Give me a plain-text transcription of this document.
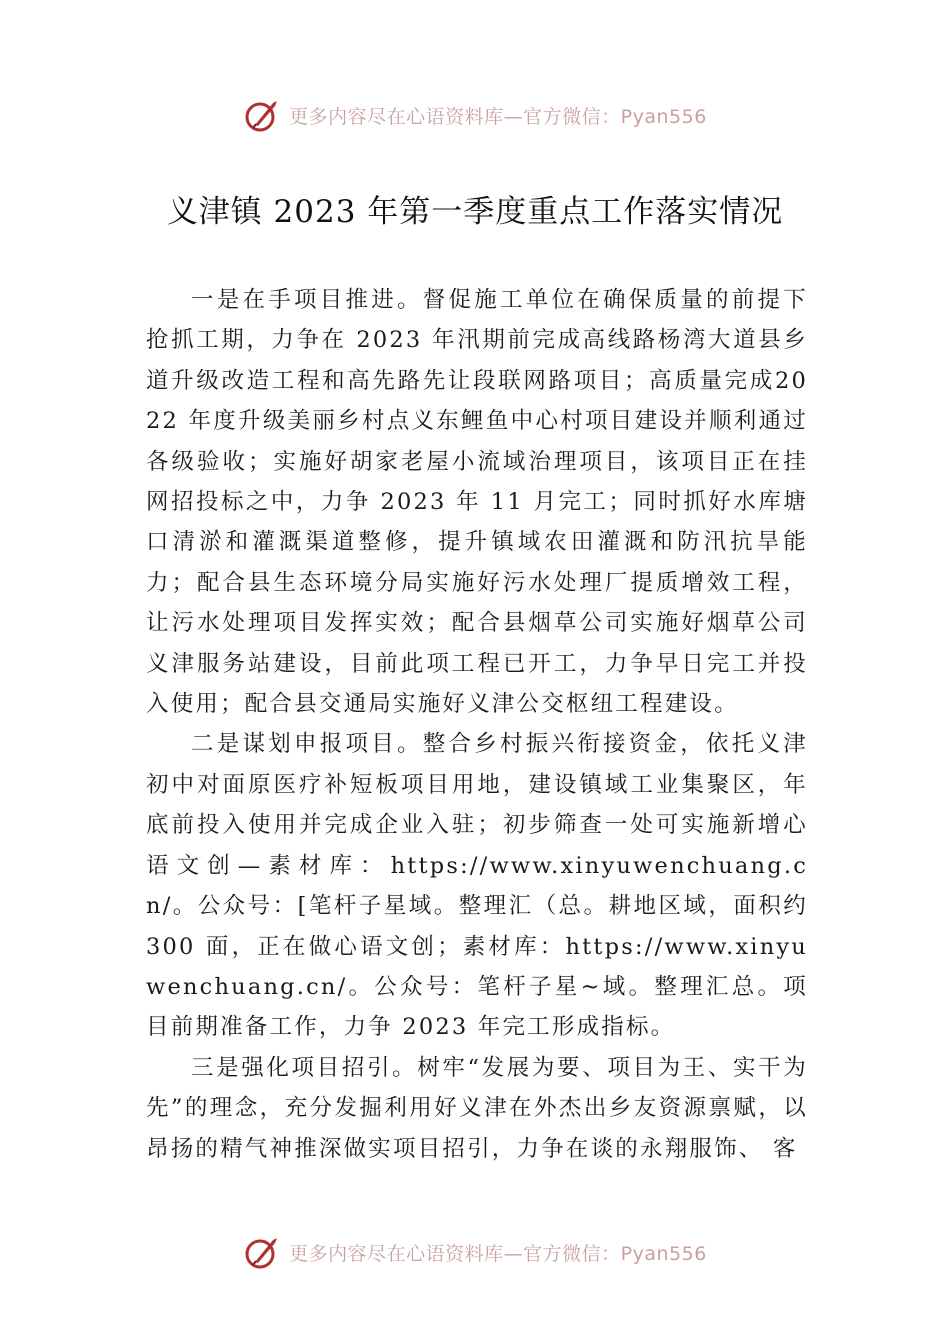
更多内容尽在心语资料库—官方微信：Pyan556
义津镇 2023 年第一季度重点工作落实情况

一是在手项目推进。督促施工单位在确保质量的前提下抢抓工期，力争在 2023 年汛期前完成高线路杨湾大道县乡道升级改造工程和高先路先让段联网路项目；高质量完成2022 年度升级美丽乡村点义东鲤鱼中心村项目建设并顺利通过各级验收；实施好胡家老屋小流域治理项目，该项目正在挂网招投标之中，力争 2023 年 11 月完工；同时抓好水库塘口清淤和灌溉渠道整修，提升镇域农田灌溉和防汛抗旱能力；配合县生态环境分局实施好污水处理厂提质增效工程， 让污水处理项目发挥实效；配合县烟草公司实施好烟草公司义津服务站建设，目前此项工程已开工，力争早日完工并投入使用；配合县交通局实施好义津公交枢纽工程建设。

二是谋划申报项目。整合乡村振兴衔接资金，依托义津初中对面原医疗补短板项目用地，建设镇域工业集聚区，年底前投入使用并完成企业入驻；初步筛查一处可实施新增心语文创—素材库：https://www.xinyuwenchuang.cn/。公众号：[笔杆子星域。整理汇（总。耕地区域，面积约 300 面，正在做心语文创；素材库：https://www.xinyuwenchuang.cn/。公众号：笔杆子星~域。整理汇总。项目前期准备工作，力争 2023 年完工形成指标。

三是强化项目招引。树牢“发展为要、项目为王、实干为先”的理念，充分发掘利用好义津在外杰出乡友资源禀赋，以昂扬的精气神推深做实项目招引，力争在谈的永翔服饰、 客

更多内容尽在心语资料库—官方微信：Pyan556
